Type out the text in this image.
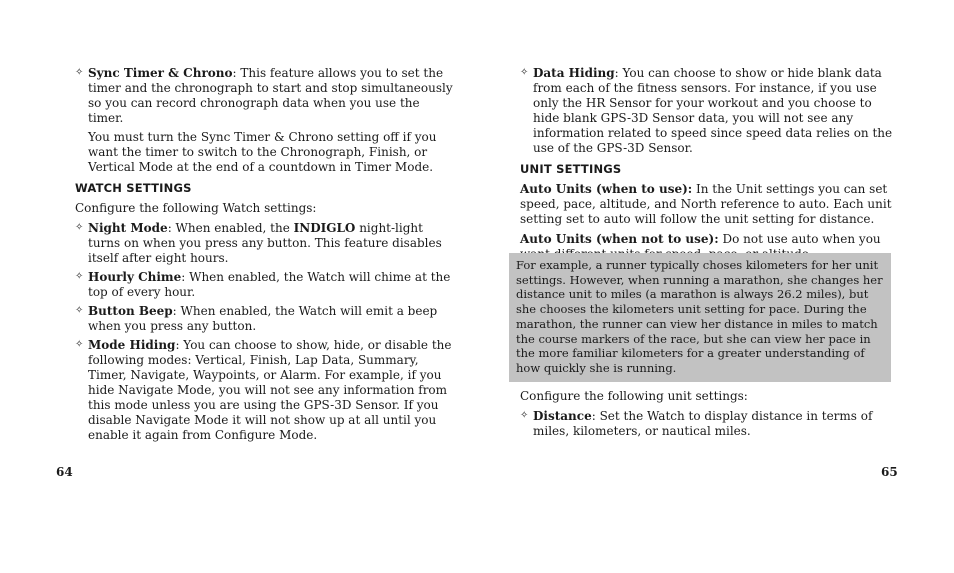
✧ Sync Timer & Chrono: This feature allows you to set the timer and the chronograph to start and stop simultaneously so you can record chronograph data when you use the timer.

You must turn the Sync Timer & Chrono setting off if you want the timer to switch to the Chronograph, Finish, or Vertical Mode at the end of a countdown in Timer Mode.

WATCH SETTINGS

Configure the following Watch settings:

✧ Night Mode: When enabled, the INDIGLO night-light turns on when you press any button. This feature disables itself after eight hours.

✧ Hourly Chime: When enabled, the Watch will chime at the top of every hour.

✧ Button Beep: When enabled, the Watch will emit a beep when you press any button.

✧ Mode Hiding: You can choose to show, hide, or disable the following modes: Vertical, Finish, Lap Data, Summary, Timer, Navigate, Waypoints, or Alarm. For example, if you hide Navigate Mode, you will not see any information from this mode unless you are using the GPS-3D Sensor. If you disable Navigate Mode it will not show up at all until you enable it again from Configure Mode.

64
✧ Data Hiding: You can choose to show or hide blank data from each of the fitness sensors. For instance, if you use only the HR Sensor for your workout and you choose to hide blank GPS-3D Sensor data, you will not see any information related to speed since speed data relies on the use of the GPS-3D Sensor.

UNIT SETTINGS

Auto Units (when to use): In the Unit settings you can set speed, pace, altitude, and North reference to auto. Each unit setting set to auto will follow the unit setting for distance.

Auto Units (when not to use): Do not use auto when you

For example, a runner typically choses kilometers for her unit settings. However, when running a marathon, she changes her distance unit to miles (a marathon is always 26.2 miles), but she chooses the kilometers unit setting for pace. During the marathon, the runner can view her distance in miles to match the course markers of the race, but she can view her pace in the more familiar kilometers for a greater understanding of how quickly she is running.

Configure the following unit settings:

✧ Distance: Set the Watch to display distance in terms of miles, kilometers, or nautical miles.

65
